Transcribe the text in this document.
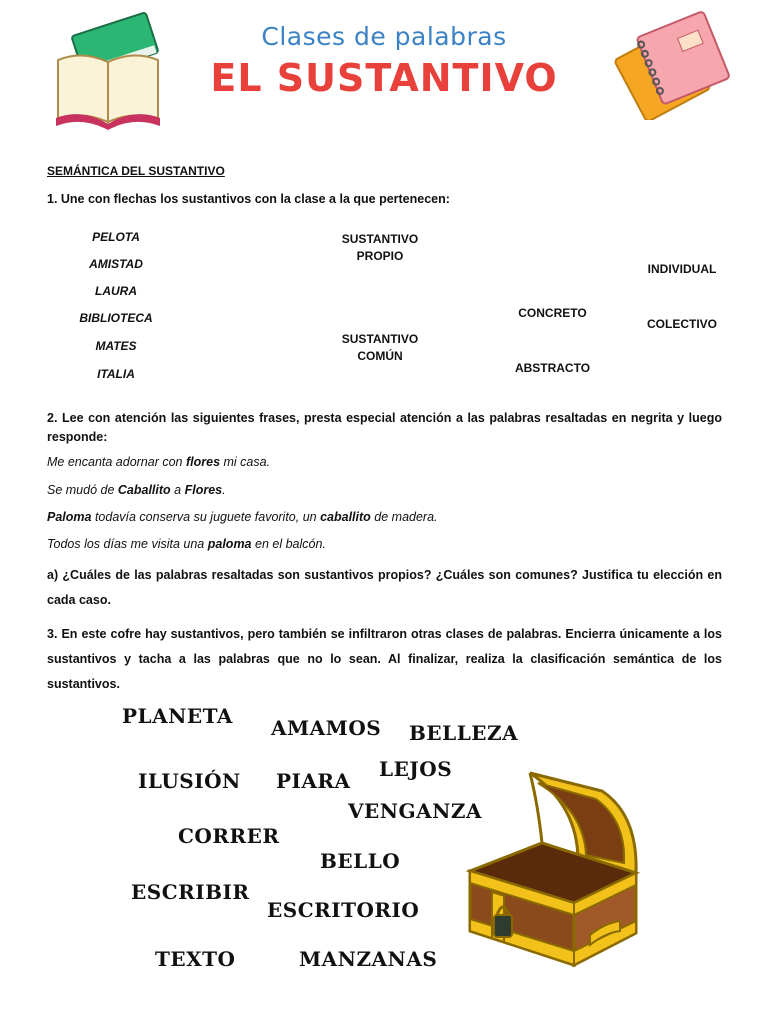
Clases de palabras
EL SUSTANTIVO
SEMÁNTICA DEL SUSTANTIVO
1. Une con flechas los sustantivos con la clase a la que pertenecen:
PELOTA
AMISTAD
LAURA
BIBLIOTECA
MATES
ITALIA
SUSTANTIVO PROPIO
SUSTANTIVO COMÚN
CONCRETO
ABSTRACTO
INDIVIDUAL
COLECTIVO
2. Lee con atención las siguientes frases, presta especial atención a las palabras resaltadas en negrita y luego responde:
Me encanta adornar con flores mi casa.
Se mudó de Caballito a Flores.
Paloma todavía conserva su juguete favorito, un caballito de madera.
Todos los días me visita una paloma en el balcón.
a) ¿Cuáles de las palabras resaltadas son sustantivos propios? ¿Cuáles son comunes? Justifica tu elección en cada caso.
3. En este cofre hay sustantivos, pero también se infiltraron otras clases de palabras. Encierra únicamente a los sustantivos y tacha a las palabras que no lo sean. Al finalizar, realiza la clasificación semántica de los sustantivos.
PLANETA AMAMOS BELLEZA
ILUSIÓN PIARA LEJOS
VENGANZA
CORRER
BELLO
ESCRIBIR
ESCRITORIO
TEXTO	MANZANAS
